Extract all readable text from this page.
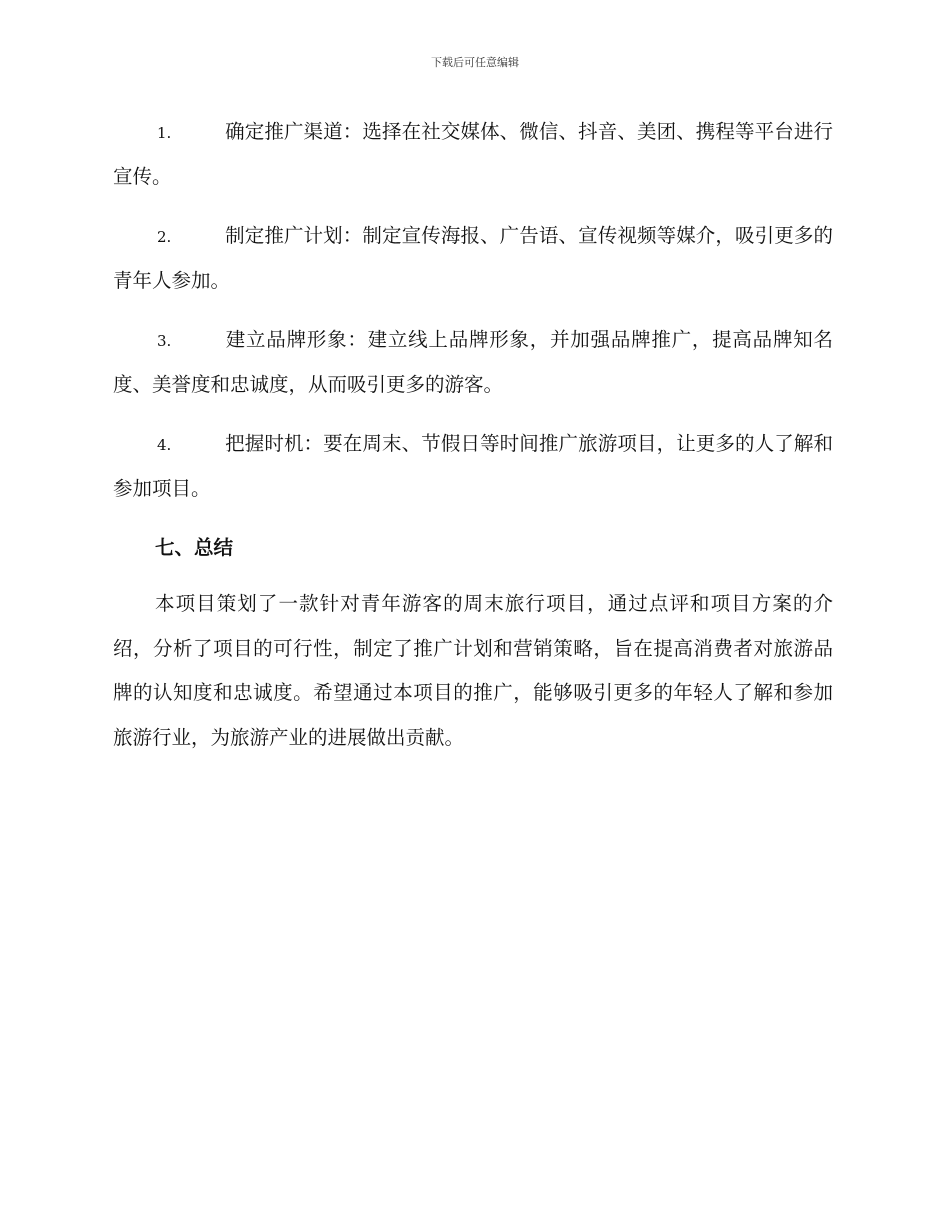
下载后可任意编辑

1.	确定推广渠道：选择在社交媒体、微信、抖音、美团、携程等平台进行宣传。

2.	制定推广计划：制定宣传海报、广告语、宣传视频等媒介，吸引更多的青年人参加。

3.	建立品牌形象：建立线上品牌形象，并加强品牌推广，提高品牌知名度、美誉度和忠诚度，从而吸引更多的游客。

4.	把握时机：要在周末、节假日等时间推广旅游项目，让更多的人了解和参加项目。

七、总结

本项目策划了一款针对青年游客的周末旅行项目，通过点评和项目方案的介绍，分析了项目的可行性，制定了推广计划和营销策略，旨在提高消费者对旅游品牌的认知度和忠诚度。希望通过本项目的推广，能够吸引更多的年轻人了解和参加旅游行业，为旅游产业的进展做出贡献。
